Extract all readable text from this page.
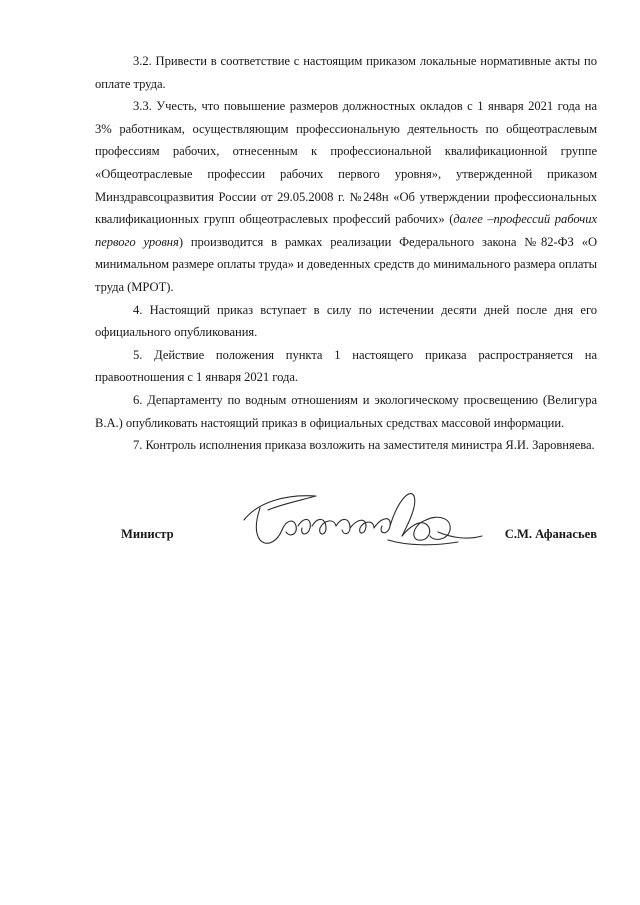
3.2. Привести в соответствие с настоящим приказом локальные нормативные акты по оплате труда.

3.3. Учесть, что повышение размеров должностных окладов с 1 января 2021 года на 3% работникам, осуществляющим профессиональную деятельность по общеотраслевым профессиям рабочих, отнесенным к профессиональной квалификационной группе «Общеотраслевые профессии рабочих первого уровня», утвержденной приказом Минздравсоцразвития России от 29.05.2008 г. №248н «Об утверждении профессиональных квалификационных групп общеотраслевых профессий рабочих» (далее –профессий рабочих первого уровня) производится в рамках реализации Федерального закона №82-ФЗ «О минимальном размере оплаты труда» и доведенных средств до минимального размера оплаты труда (МРОТ).

4. Настоящий приказ вступает в силу по истечении десяти дней после дня его официального опубликования.

5. Действие положения пункта 1 настоящего приказа распространяется на правоотношения с 1 января 2021 года.

6. Департаменту по водным отношениям и экологическому просвещению (Велигура В.А.) опубликовать настоящий приказ в официальных средствах массовой информации.

7. Контроль исполнения приказа возложить на заместителя министра Я.И. Заровняева.

Министр	С.М. Афанасьев
